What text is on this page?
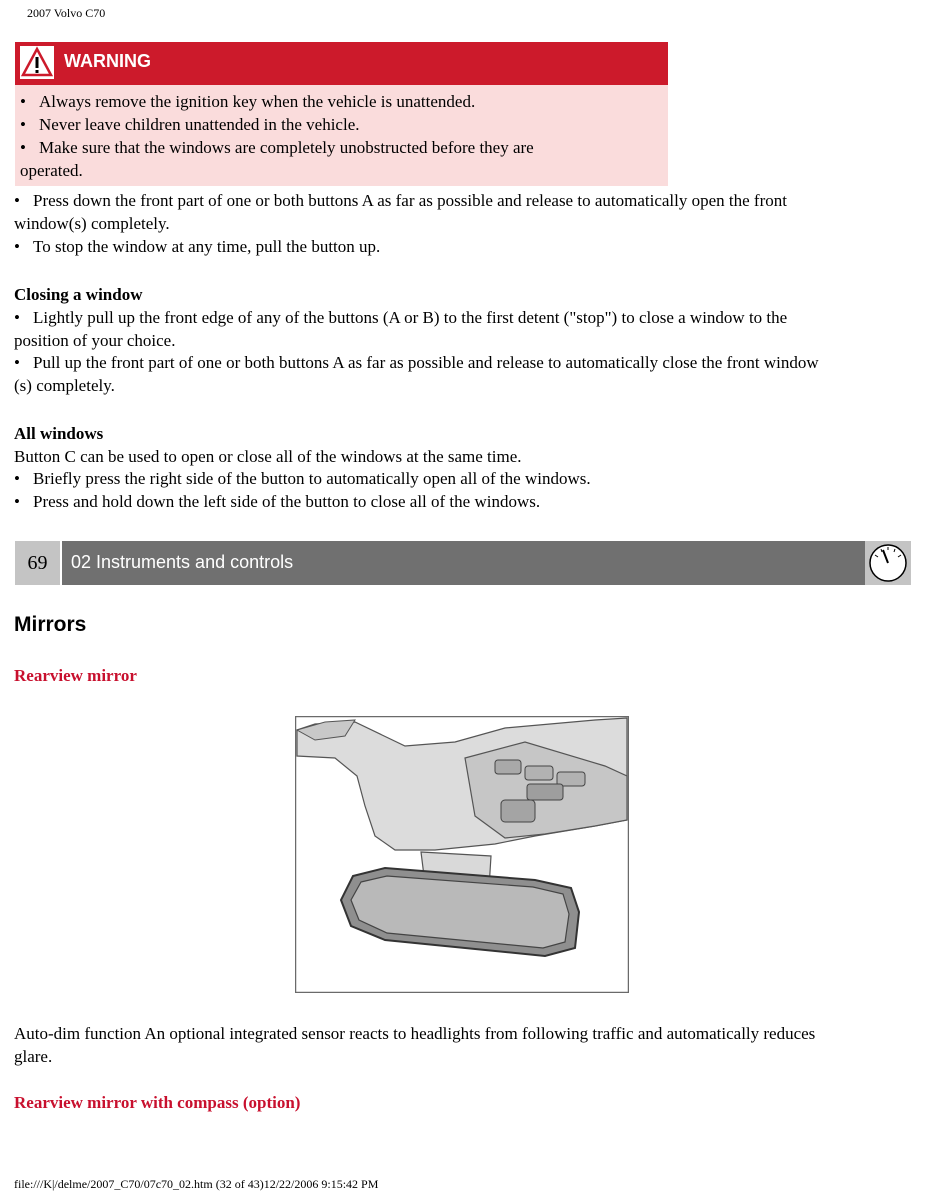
2007 Volvo C70
WARNING
• Always remove the ignition key when the vehicle is unattended.
• Never leave children unattended in the vehicle.
• Make sure that the windows are completely unobstructed before they are
operated.
• Press down the front part of one or both buttons A as far as possible and release to automatically open the front
window(s) completely.
• To stop the window at any time, pull the button up.
Closing a window
• Lightly pull up the front edge of any of the buttons (A or B) to the first detent ("stop") to close a window to the
position of your choice.
• Pull up the front part of one or both buttons A as far as possible and release to automatically close the front window
(s) completely.
All windows
Button C can be used to open or close all of the windows at the same time.
• Briefly press the right side of the button to automatically open all of the windows.
• Press and hold down the left side of the button to close all of the windows.
69	02 Instruments and controls
Mirrors
Rearview mirror
Auto-dim function An optional integrated sensor reacts to headlights from following traffic and automatically reduces
glare.
Rearview mirror with compass (option)
file:///K|/delme/2007_C70/07c70_02.htm (32 of 43)12/22/2006 9:15:42 PM
